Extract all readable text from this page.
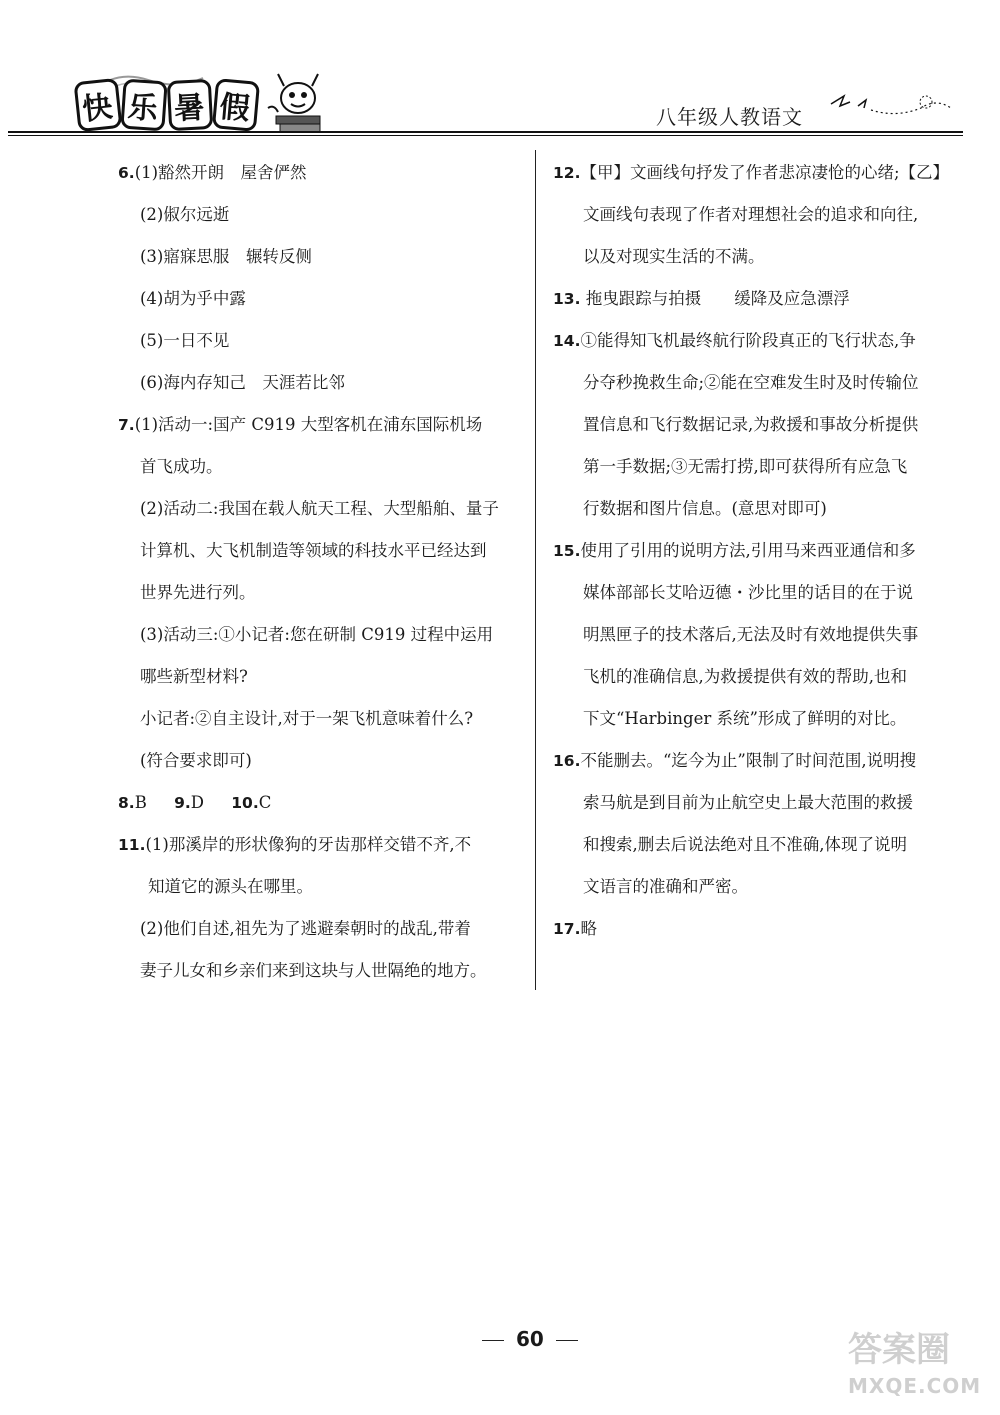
快 乐 暑 假	八年级人教语文
6.(1)豁然开朗　屋舍俨然
(2)俶尔远逝
(3)寤寐思服　辗转反侧
(4)胡为乎中露
(5)一日不见
(6)海内存知己　天涯若比邻
7.(1)活动一:国产 C919 大型客机在浦东国际机场
首飞成功。
(2)活动二:我国在载人航天工程、大型船舶、量子
计算机、大飞机制造等领域的科技水平已经达到
世界先进行列。
(3)活动三:①小记者:您在研制 C919 过程中运用
哪些新型材料?
小记者:②自主设计,对于一架飞机意味着什么?
(符合要求即可)
8.B 9.D 10.C
11.(1)那溪岸的形状像狗的牙齿那样交错不齐,不
知道它的源头在哪里。
(2)他们自述,祖先为了逃避秦朝时的战乱,带着
妻子儿女和乡亲们来到这块与人世隔绝的地方。
12.【甲】文画线句抒发了作者悲凉凄怆的心绪;【乙】
文画线句表现了作者对理想社会的追求和向往,
以及对现实生活的不满。
13. 拖曳跟踪与拍摄　　缓降及应急漂浮
14.①能得知飞机最终航行阶段真正的飞行状态,争
分夺秒挽救生命;②能在空难发生时及时传输位
置信息和飞行数据记录,为救援和事故分析提供
第一手数据;③无需打捞,即可获得所有应急飞
行数据和图片信息。(意思对即可)
15.使用了引用的说明方法,引用马来西亚通信和多
媒体部部长艾哈迈德・沙比里的话目的在于说
明黑匣子的技术落后,无法及时有效地提供失事
飞机的准确信息,为救援提供有效的帮助,也和
下文“Harbinger 系统”形成了鲜明的对比。
16.不能删去。“迄今为止”限制了时间范围,说明搜
索马航是到目前为止航空史上最大范围的救援
和搜索,删去后说法绝对且不准确,体现了说明
文语言的准确和严密。
17.略
60	答案圈
MXQE.COM
